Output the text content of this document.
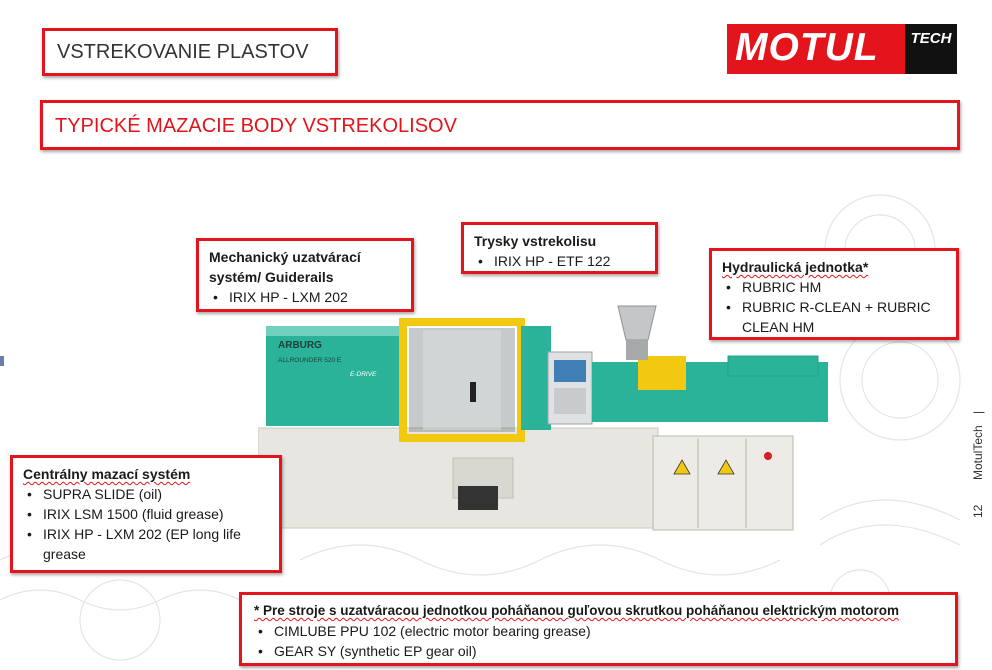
VSTREKOVANIE PLASTOV	MOTUL	TECH
TYPICKÉ MAZACIE BODY VSTREKOLISOV
ARBURG
ALLROUNDER 520 E
E-DRIVE
Mechanický uzatvárací
systém/ Guiderails
• IRIX HP - LXM 202
Trysky vstrekolisu
• IRIX HP - ETF 122	Hydraulická jednotka*
• RUBRIC HM
• RUBRIC R-CLEAN + RUBRIC CLEAN HM
Centrálny mazací systém
• SUPRA SLIDE (oil)
• IRIX LSM 1500 (fluid grease)
• IRIX HP - LXM 202 (EP long life grease
* Pre stroje s uzatváracou jednotkou poháňanou guľovou skrutkou poháňanou elektrickým motorom
• CIMLUBE PPU 102 (electric motor bearing grease)
• GEAR SY (synthetic EP gear oil)
|
MotulTech
12
